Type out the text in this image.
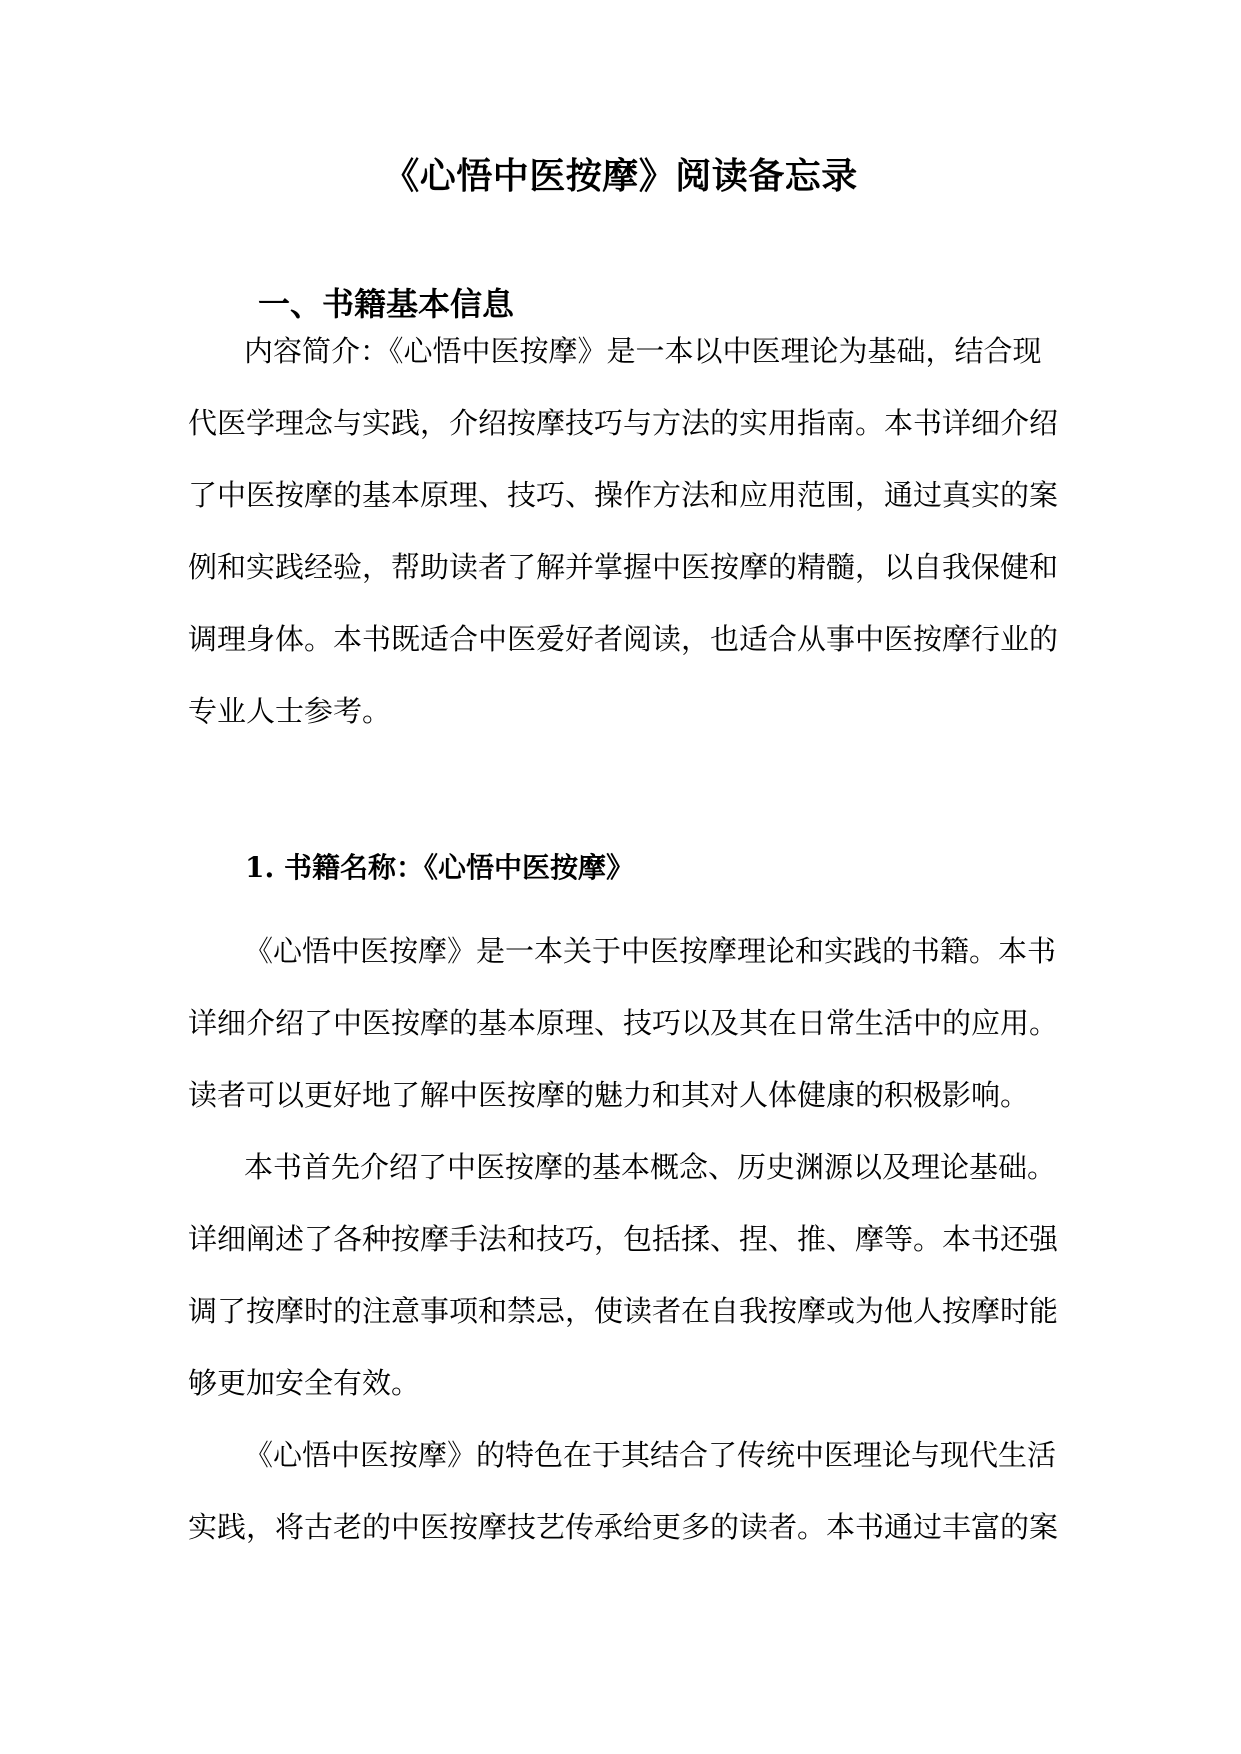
《心悟中医按摩》阅读备忘录
一、书籍基本信息
内容简介：《心悟中医按摩》是一本以中医理论为基础，结合现
代医学理念与实践，介绍按摩技巧与方法的实用指南。本书详细介绍
了中医按摩的基本原理、技巧、操作方法和应用范围，通过真实的案
例和实践经验，帮助读者了解并掌握中医按摩的精髓，以自我保健和
调理身体。本书既适合中医爱好者阅读，也适合从事中医按摩行业的
专业人士参考。
1. 书籍名称：《心悟中医按摩》
《心悟中医按摩》是一本关于中医按摩理论和实践的书籍。本书
详细介绍了中医按摩的基本原理、技巧以及其在日常生活中的应用。
读者可以更好地了解中医按摩的魅力和其对人体健康的积极影响。
本书首先介绍了中医按摩的基本概念、历史渊源以及理论基础。
详细阐述了各种按摩手法和技巧，包括揉、捏、推、摩等。本书还强
调了按摩时的注意事项和禁忌，使读者在自我按摩或为他人按摩时能
够更加安全有效。
《心悟中医按摩》的特色在于其结合了传统中医理论与现代生活
实践，将古老的中医按摩技艺传承给更多的读者。本书通过丰富的案
